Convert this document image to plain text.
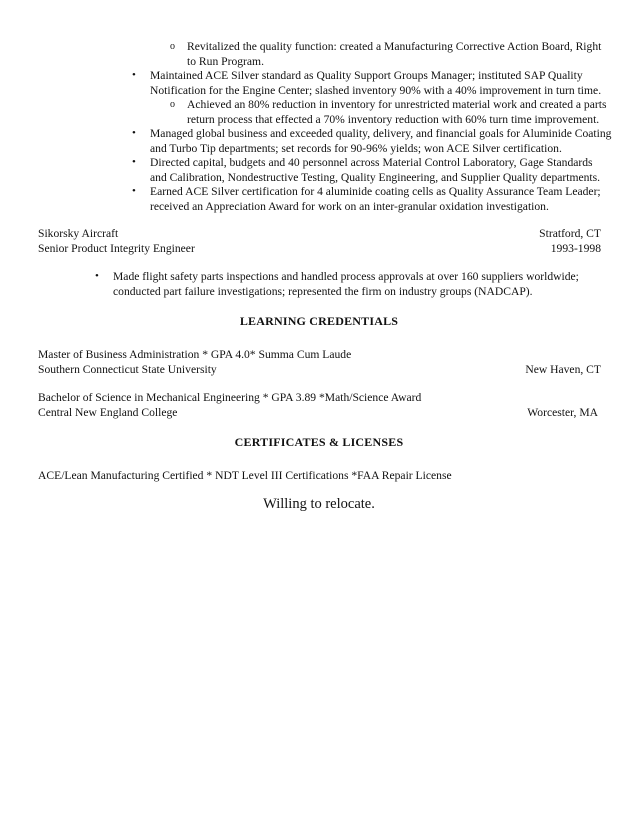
o Revitalized the quality function: created a Manufacturing Corrective Action Board, Right
to Run Program.
• Maintained ACE Silver standard as Quality Support Groups Manager; instituted SAP Quality
Notification for the Engine Center; slashed inventory 90% with a 40% improvement in turn time.
o Achieved an 80% reduction in inventory for unrestricted material work and created a parts
return process that effected a 70% inventory reduction with 60% turn time improvement.
• Managed global business and exceeded quality, delivery, and financial goals for Aluminide Coating
and Turbo Tip departments; set records for 90-96% yields; won ACE Silver certification.
• Directed capital, budgets and 40 personnel across Material Control Laboratory, Gage Standards
and Calibration, Nondestructive Testing, Quality Engineering, and Supplier Quality departments.
• Earned ACE Silver certification for 4 aluminide coating cells as Quality Assurance Team Leader;
received an Appreciation Award for work on an inter-granular oxidation investigation.
Sikorsky Aircraft	Stratford, CT
Senior Product Integrity Engineer	1993-1998
• Made flight safety parts inspections and handled process approvals at over 160 suppliers worldwide;
conducted part failure investigations; represented the firm on industry groups (NADCAP).
LEARNING CREDENTIALS
Master of Business Administration * GPA 4.0* Summa Cum Laude
Southern Connecticut State University	New Haven, CT
Bachelor of Science in Mechanical Engineering * GPA 3.89 *Math/Science Award
Central New England College	Worcester, MA
CERTIFICATES & LICENSES
ACE/Lean Manufacturing Certified * NDT Level III Certifications *FAA Repair License
Willing to relocate.
